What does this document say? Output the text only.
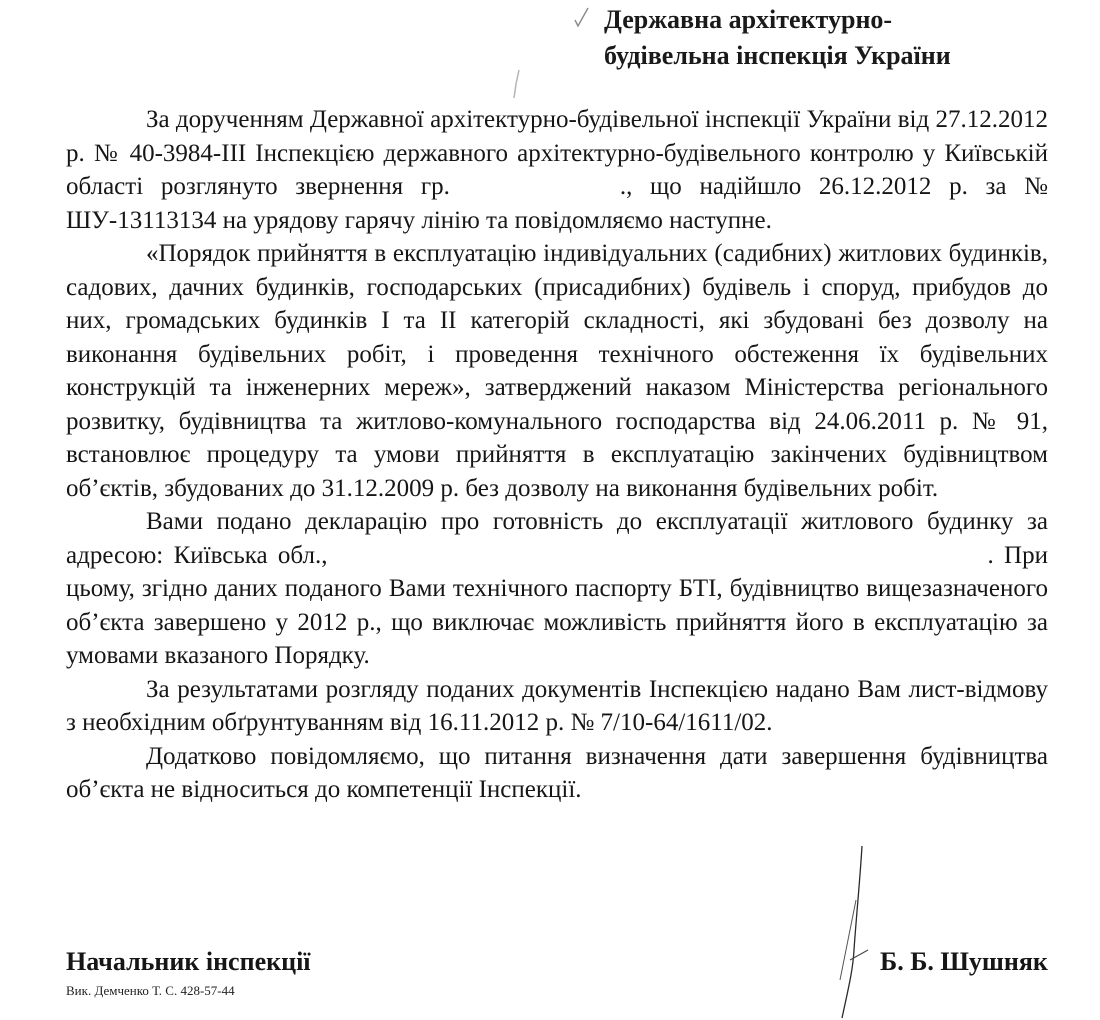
Державна архітектурно-
будівельна інспекція України

За дорученням Державної архітектурно-будівельної інспекції України від 27.12.2012 р. № 40-3984-ІІІ Інспекцією державного архітектурно-будівельного контролю у Київській області розглянуто звернення гр.	., що надійшло 26.12.2012 р. за № ШУ-13113134 на урядову гарячу лінію та повідомляємо наступне.

«Порядок прийняття в експлуатацію індивідуальних (садибних) житлових будинків, садових, дачних будинків, господарських (присадибних) будівель і споруд, прибудов до них, громадських будинків І та ІІ категорій складності, які збудовані без дозволу на виконання будівельних робіт, і проведення технічного обстеження їх будівельних конструкцій та інженерних мереж», затверджений наказом Міністерства регіонального розвитку, будівництва та житлово-комунального господарства від 24.06.2011 р. № 91, встановлює процедуру та умови прийняття в експлуатацію закінчених будівництвом об’єктів, збудованих до 31.12.2009 р. без дозволу на виконання будівельних робіт.

Вами подано декларацію про готовність до експлуатації житлового будинку за адресою: Київська обл.,	. При цьому, згідно даних поданого Вами технічного паспорту БТІ, будівництво вищезазначеного об’єкта завершено у 2012 р., що виключає можливість прийняття його в експлуатацію за умовами вказаного Порядку.

За результатами розгляду поданих документів Інспекцією надано Вам лист-відмову з необхідним обґрунтуванням від 16.11.2012 р. № 7/10-64/1611/02.

Додатково повідомляємо, що питання визначення дати завершення будівництва об’єкта не відноситься до компетенції Інспекції.

Начальник інспекції	Б. Б. Шушняк
Вик. Демченко Т. С. 428-57-44
